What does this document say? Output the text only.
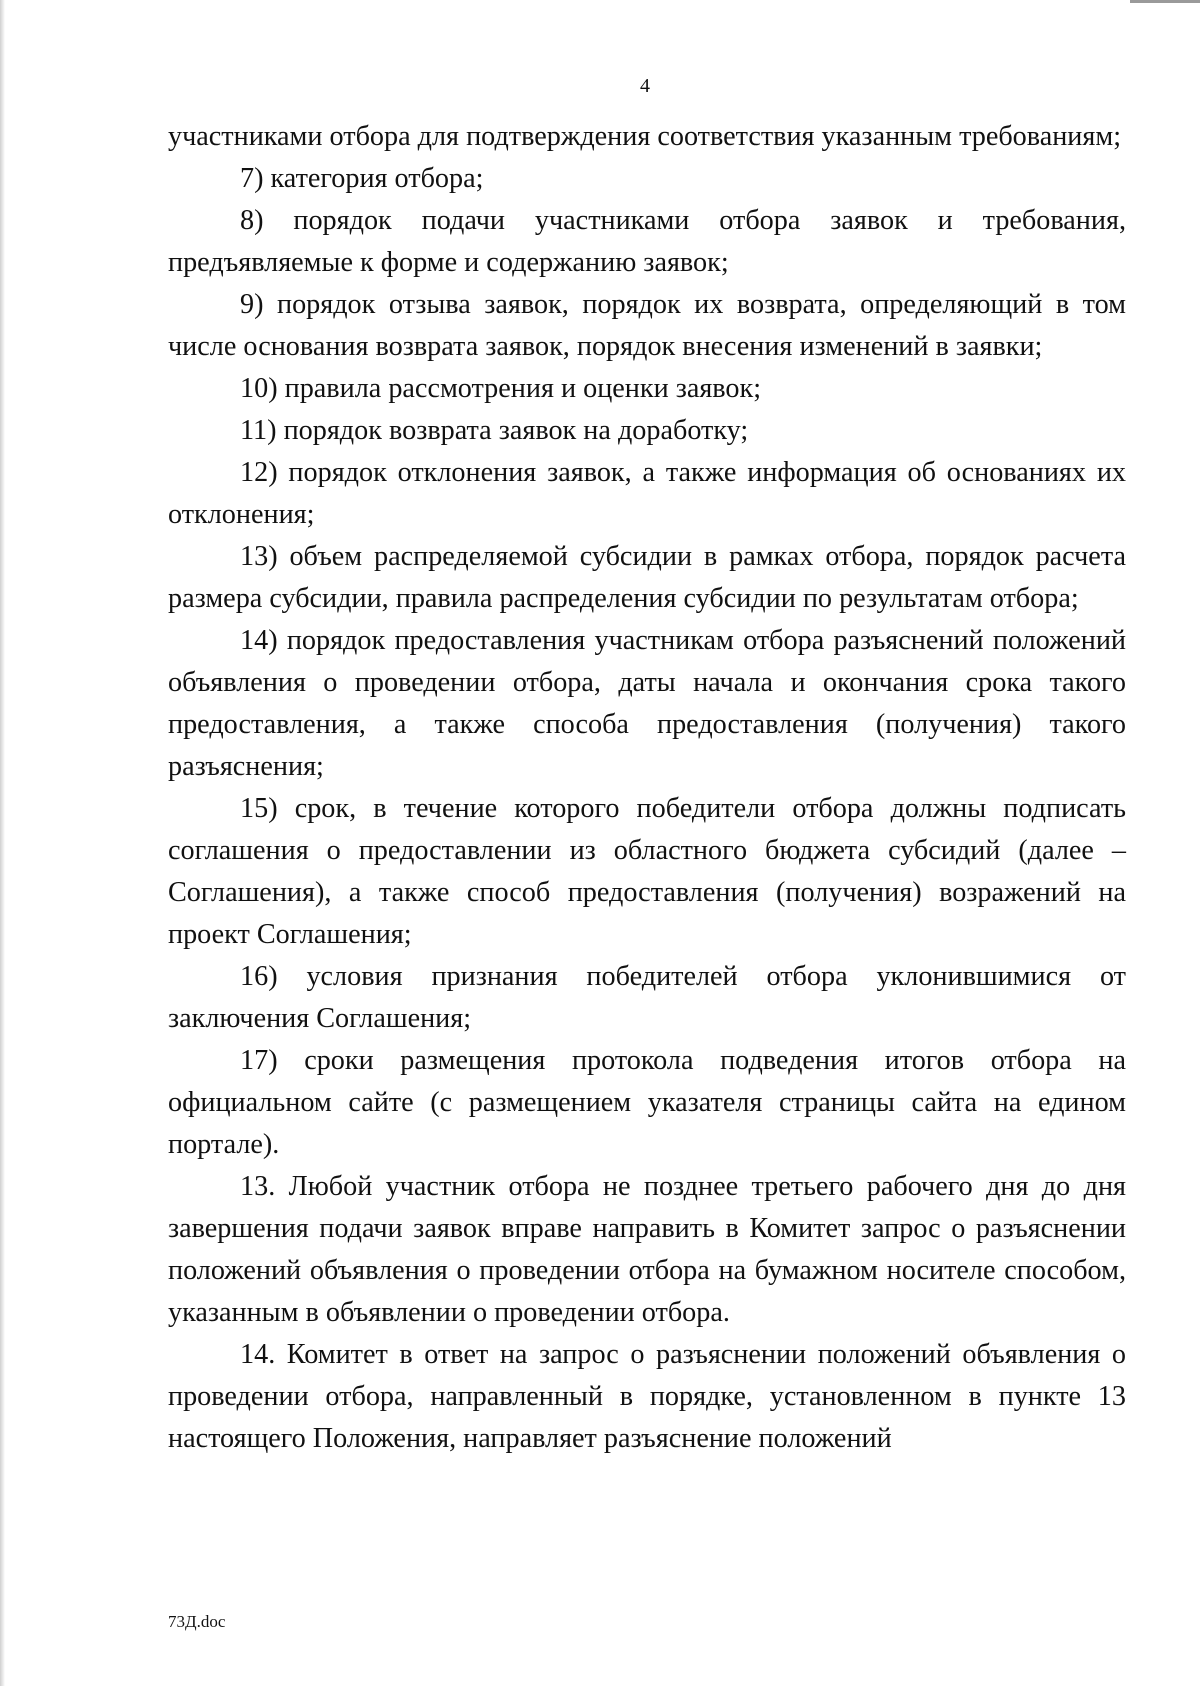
4

участниками отбора для подтверждения соответствия указанным требованиям;

7) категория отбора;

8) порядок подачи участниками отбора заявок и требования, предъявляемые к форме и содержанию заявок;

9) порядок отзыва заявок, порядок их возврата, определяющий в том числе основания возврата заявок, порядок внесения изменений в заявки;

10) правила рассмотрения и оценки заявок;

11) порядок возврата заявок на доработку;

12) порядок отклонения заявок, а также информация об основаниях их отклонения;

13) объем распределяемой субсидии в рамках отбора, порядок расчета размера субсидии, правила распределения субсидии по результатам отбора;

14) порядок предоставления участникам отбора разъяснений положений объявления о проведении отбора, даты начала и окончания срока такого предоставления, а также способа предоставления (получения) такого разъяснения;

15) срок, в течение которого победители отбора должны подписать соглашения о предоставлении из областного бюджета субсидий (далее – Соглашения), а также способ предоставления (получения) возражений на проект Соглашения;

16) условия признания победителей отбора уклонившимися от заключения Соглашения;

17) сроки размещения протокола подведения итогов отбора на официальном сайте (с размещением указателя страницы сайта на едином портале).

13. Любой участник отбора не позднее третьего рабочего дня до дня завершения подачи заявок вправе направить в Комитет запрос о разъяснении положений объявления о проведении отбора на бумажном носителе способом, указанным в объявлении о проведении отбора.

14. Комитет в ответ на запрос о разъяснении положений объявления о проведении отбора, направленный в порядке, установленном в пункте 13 настоящего Положения, направляет разъяснение положений

73Д.doc
